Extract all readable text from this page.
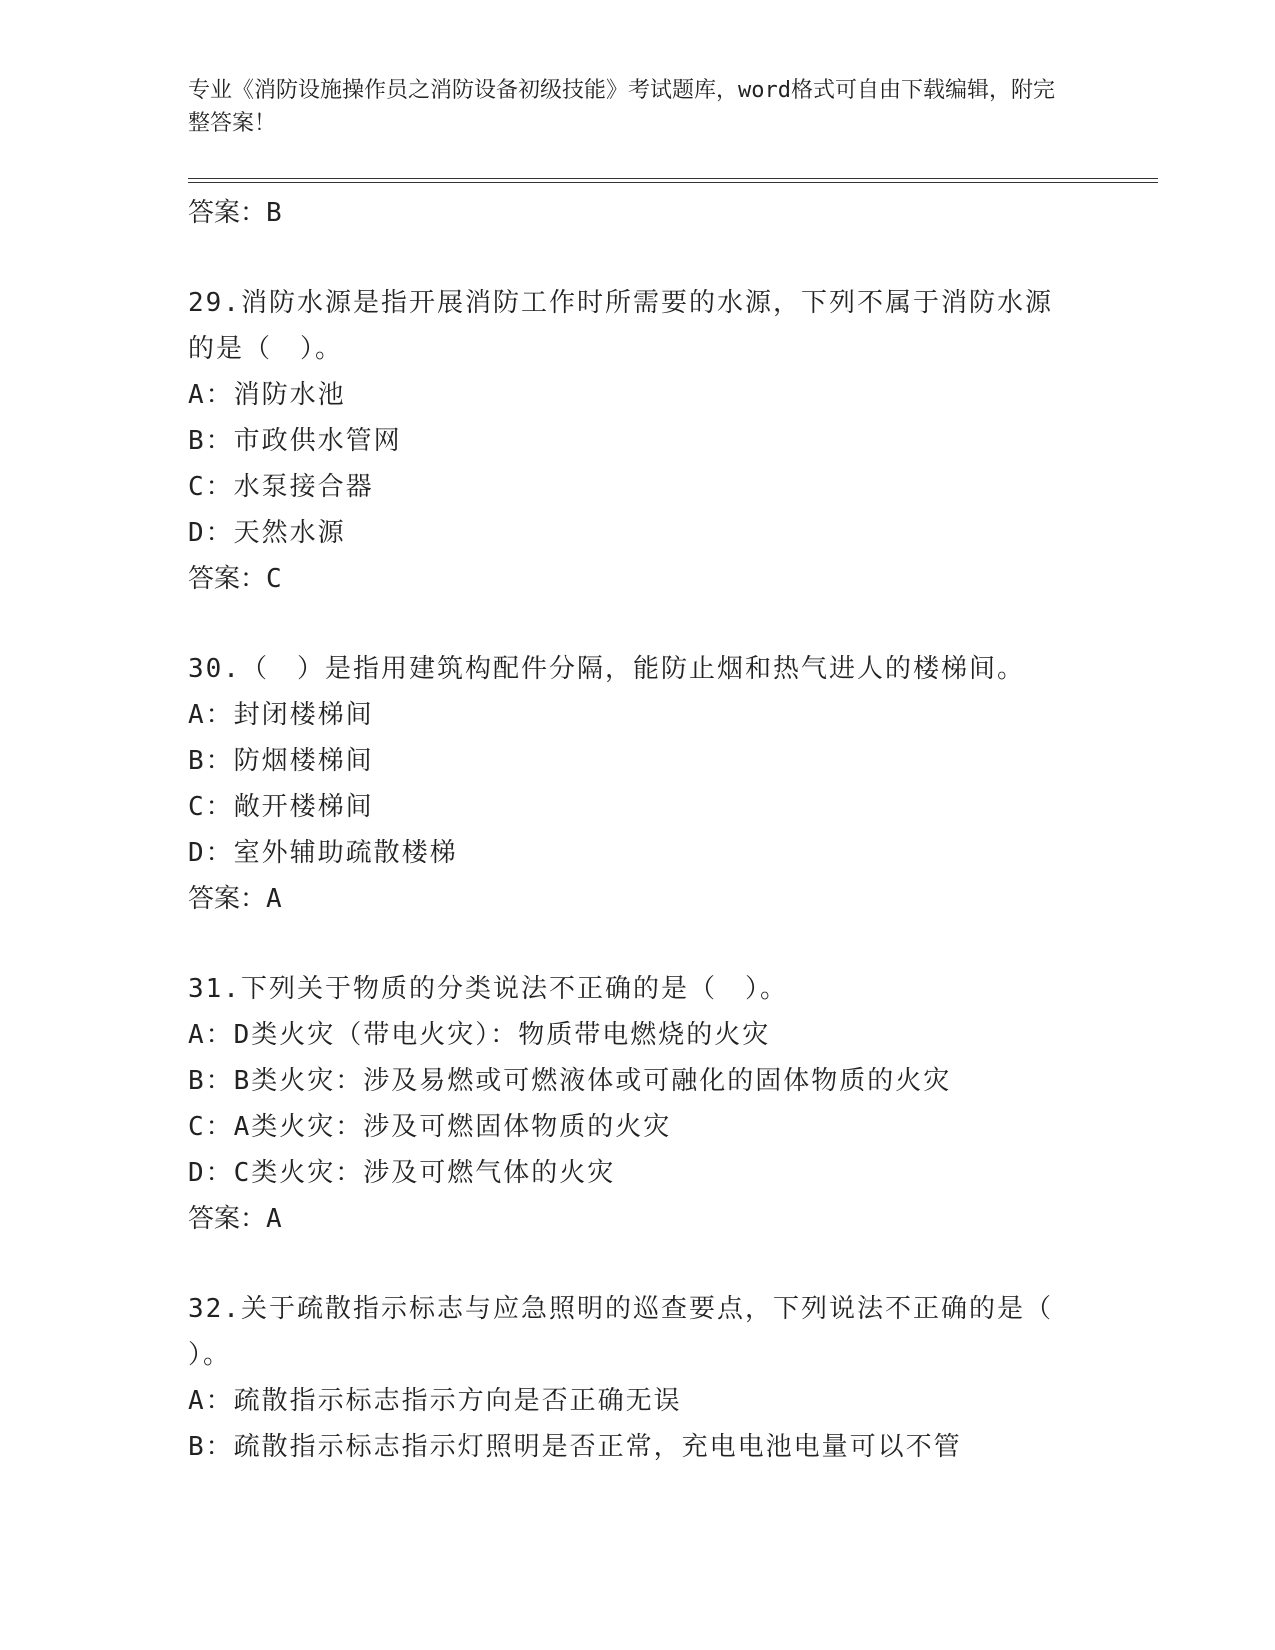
专业《消防设施操作员之消防设备初级技能》考试题库，word格式可自由下载编辑，附完整答案！
答案：B
29.消防水源是指开展消防工作时所需要的水源，下列不属于消防水源
的是（　）。
A：消防水池
B：市政供水管网
C：水泵接合器
D：天然水源
答案：C
30.（　）是指用建筑构配件分隔，能防止烟和热气进人的楼梯间。
A：封闭楼梯间
B：防烟楼梯间
C：敞开楼梯间
D：室外辅助疏散楼梯
答案：A
31.下列关于物质的分类说法不正确的是（　）。
A：D类火灾（带电火灾）：物质带电燃烧的火灾
B：B类火灾：涉及易燃或可燃液体或可融化的固体物质的火灾
C：A类火灾：涉及可燃固体物质的火灾
D：C类火灾：涉及可燃气体的火灾
答案：A
32.关于疏散指示标志与应急照明的巡查要点，下列说法不正确的是（
）。
A：疏散指示标志指示方向是否正确无误
B：疏散指示标志指示灯照明是否正常，充电电池电量可以不管
